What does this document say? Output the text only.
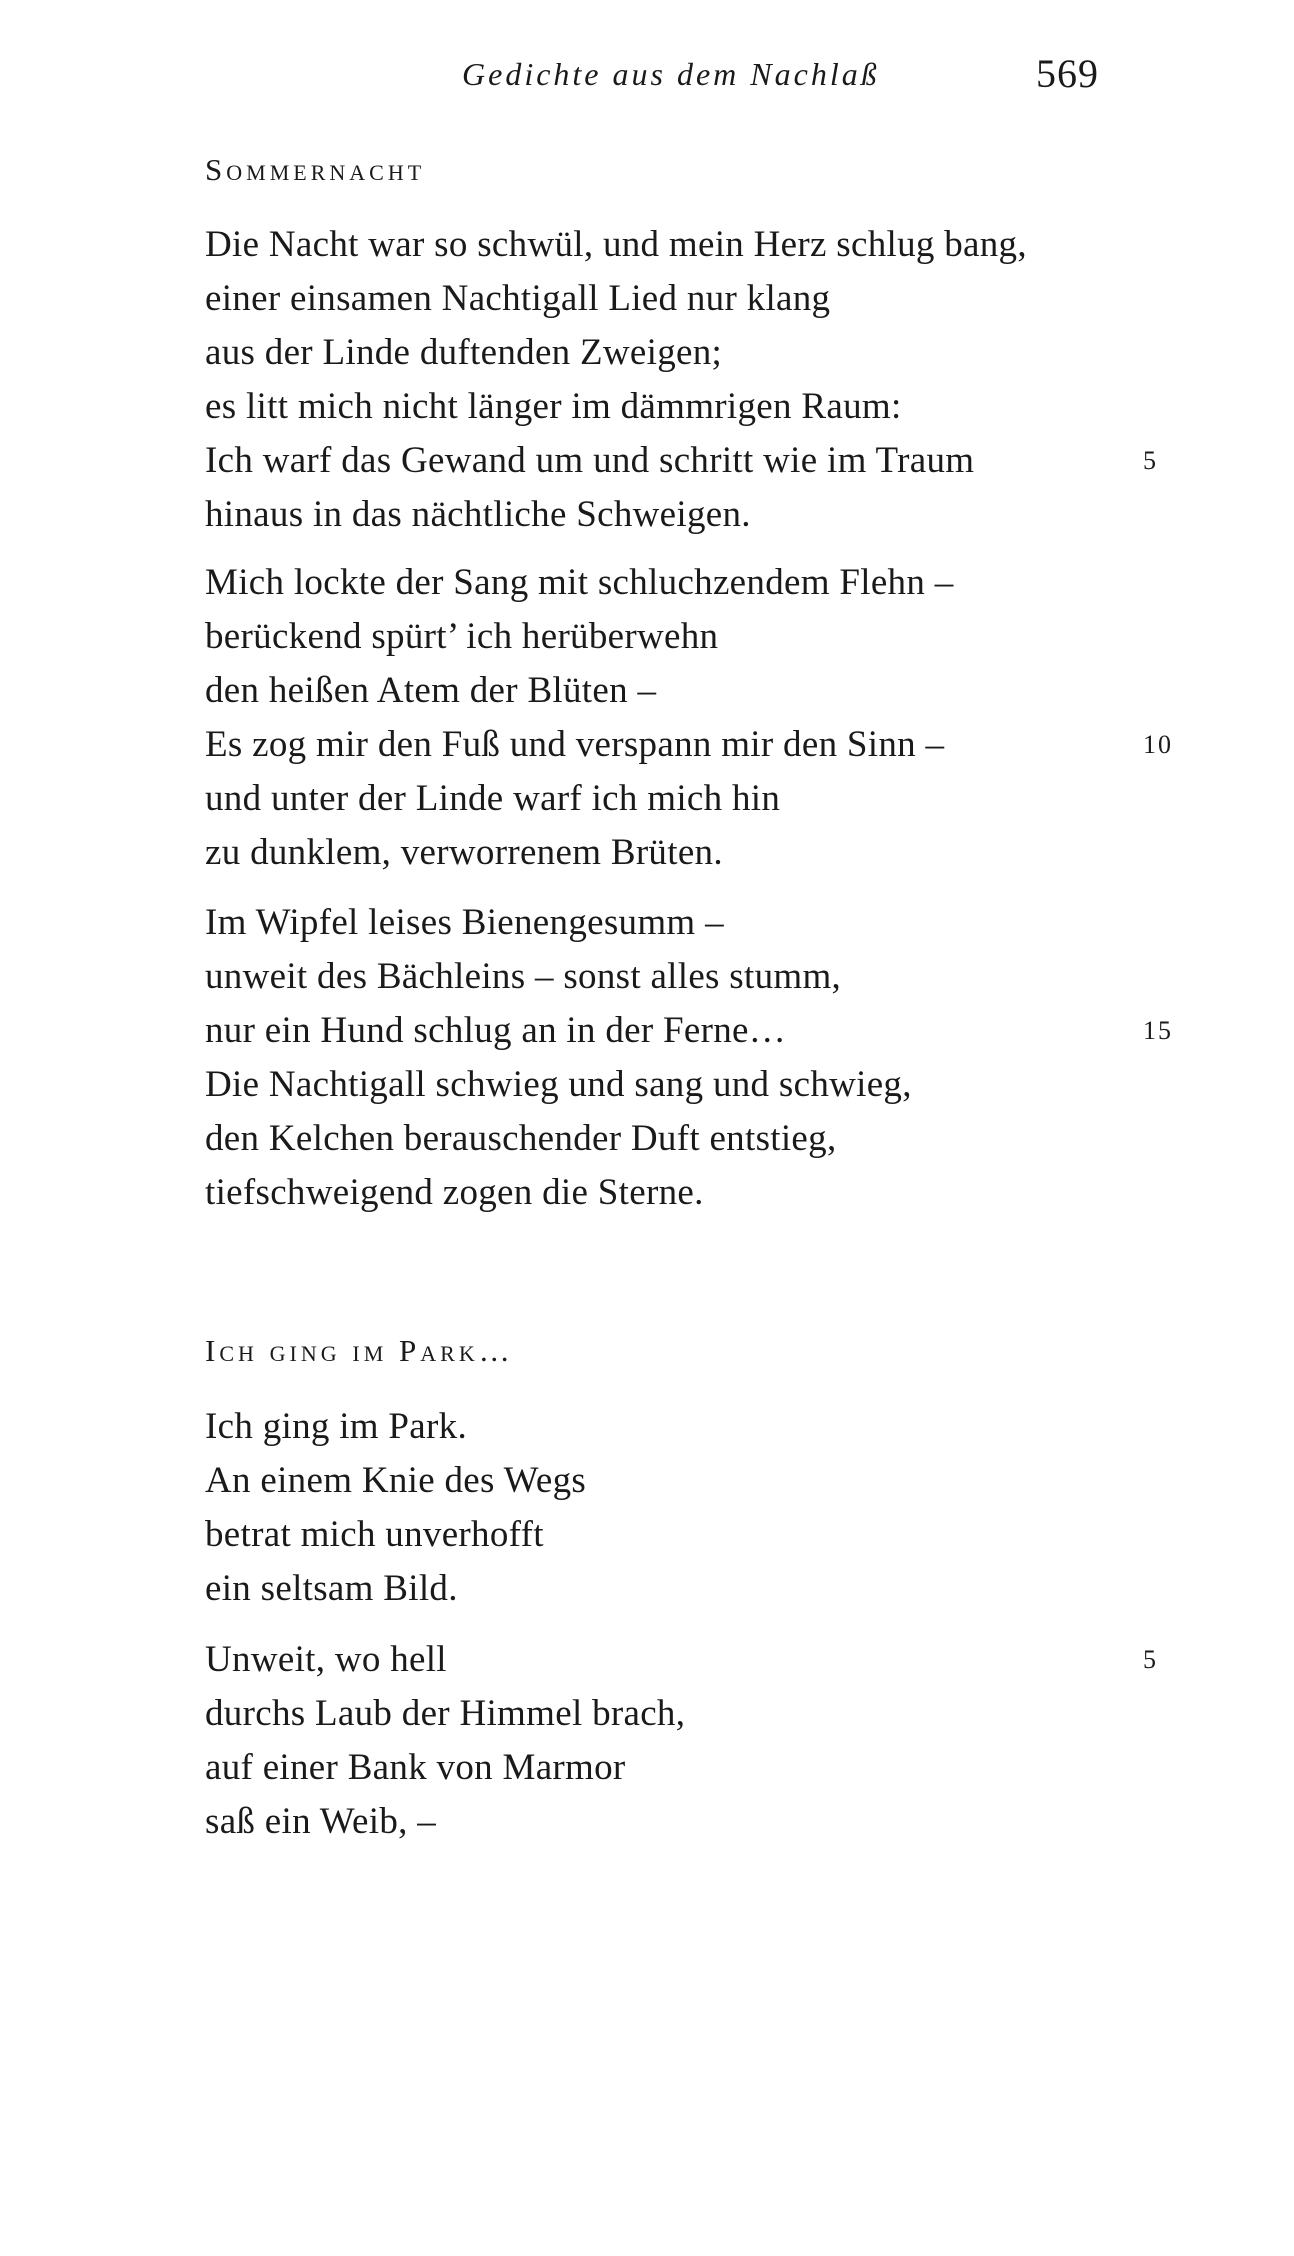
Gedichte aus dem Nachlaß	569
Sommernacht
Die Nacht war so schwül, und mein Herz schlug bang,
einer einsamen Nachtigall Lied nur klang
aus der Linde duftenden Zweigen;
es litt mich nicht länger im dämmrigen Raum:
Ich warf das Gewand um und schritt wie im Traum	5
hinaus in das nächtliche Schweigen.
Mich lockte der Sang mit schluchzendem Flehn –
berückend spürt’ ich herüberwehn
den heißen Atem der Blüten –
Es zog mir den Fuß und verspann mir den Sinn –	10
und unter der Linde warf ich mich hin
zu dunklem, verworrenem Brüten.
Im Wipfel leises Bienengesumm –
unweit des Bächleins – sonst alles stumm,
nur ein Hund schlug an in der Ferne…	15
Die Nachtigall schwieg und sang und schwieg,
den Kelchen berauschender Duft entstieg,
tiefschweigend zogen die Sterne.
Ich ging im Park…
Ich ging im Park.
An einem Knie des Wegs
betrat mich unverhofft
ein seltsam Bild.
Unweit, wo hell	5
durchs Laub der Himmel brach,
auf einer Bank von Marmor
saß ein Weib, –
